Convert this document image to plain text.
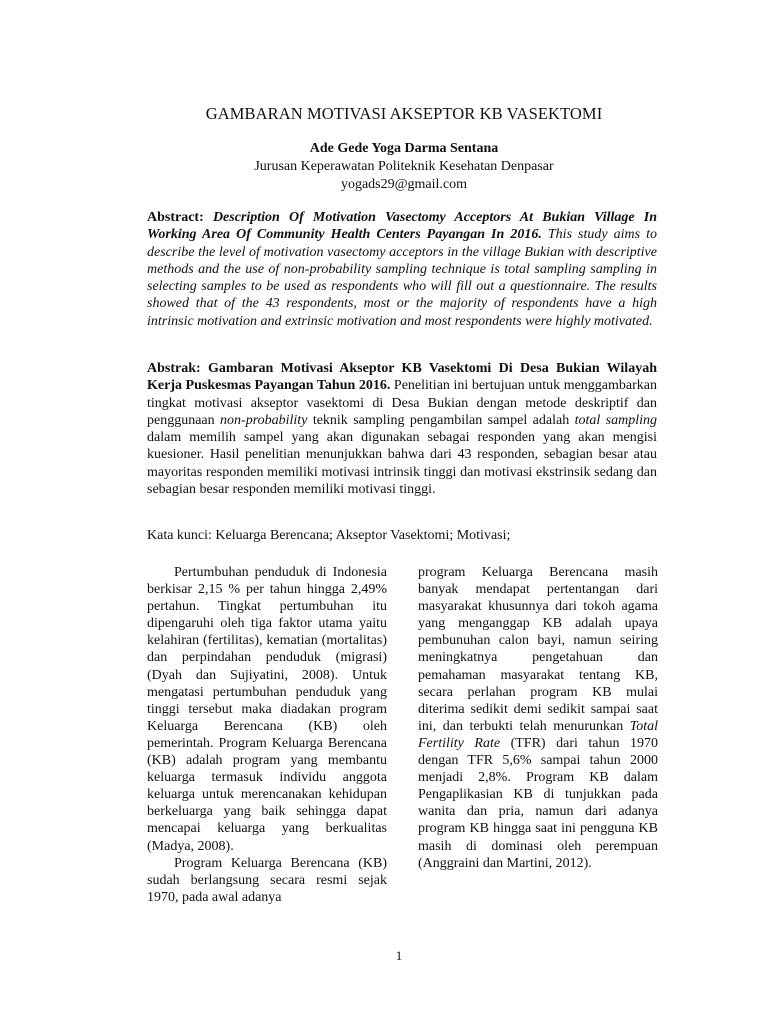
GAMBARAN MOTIVASI AKSEPTOR KB VASEKTOMI
Ade Gede Yoga Darma Sentana
Jurusan Keperawatan Politeknik Kesehatan Denpasar
yogads29@gmail.com

Abstract: Description Of Motivation Vasectomy Acceptors At Bukian Village In Working Area Of Community Health Centers Payangan In 2016. This study aims to describe the level of motivation vasectomy acceptors in the village Bukian with descriptive methods and the use of non-probability sampling technique is total sampling sampling in selecting samples to be used as respondents who will fill out a questionnaire. The results showed that of the 43 respondents, most or the majority of respondents have a high intrinsic motivation and extrinsic motivation and most respondents were highly motivated.

Abstrak: Gambaran Motivasi Akseptor KB Vasektomi Di Desa Bukian Wilayah Kerja Puskesmas Payangan Tahun 2016. Penelitian ini bertujuan untuk menggambarkan tingkat motivasi akseptor vasektomi di Desa Bukian dengan metode deskriptif dan penggunaan non-probability teknik sampling pengambilan sampel adalah total sampling dalam memilih sampel yang akan digunakan sebagai responden yang akan mengisi kuesioner. Hasil penelitian menunjukkan bahwa dari 43 responden, sebagian besar atau mayoritas responden memiliki motivasi intrinsik tinggi dan motivasi ekstrinsik sedang dan sebagian besar responden memiliki motivasi tinggi.

Kata kunci: Keluarga Berencana; Akseptor Vasektomi; Motivasi;

Pertumbuhan penduduk di Indonesia berkisar 2,15 % per tahun hingga 2,49% pertahun. Tingkat pertumbuhan itu dipengaruhi oleh tiga faktor utama yaitu kelahiran (fertilitas), kematian (mortalitas) dan perpindahan penduduk (migrasi) (Dyah dan Sujiyatini, 2008). Untuk mengatasi pertumbuhan penduduk yang tinggi tersebut maka diadakan program Keluarga Berencana (KB) oleh pemerintah. Program Keluarga Berencana (KB) adalah program yang membantu keluarga termasuk individu anggota keluarga untuk merencanakan kehidupan berkeluarga yang baik sehingga dapat mencapai keluarga yang berkualitas (Madya, 2008).

Program Keluarga Berencana (KB) sudah berlangsung secara resmi sejak 1970, pada awal adanya

program Keluarga Berencana masih banyak mendapat pertentangan dari masyarakat khusunnya dari tokoh agama yang menganggap KB adalah upaya pembunuhan calon bayi, namun seiring meningkatnya pengetahuan dan pemahaman masyarakat tentang KB, secara perlahan program KB mulai diterima sedikit demi sedikit sampai saat ini, dan terbukti telah menurunkan Total Fertility Rate (TFR) dari tahun 1970 dengan TFR 5,6% sampai tahun 2000 menjadi 2,8%. Program KB dalam Pengaplikasian KB di tunjukkan pada wanita dan pria, namun dari adanya program KB hingga saat ini pengguna KB masih di dominasi oleh perempuan (Anggraini dan Martini, 2012).

1
